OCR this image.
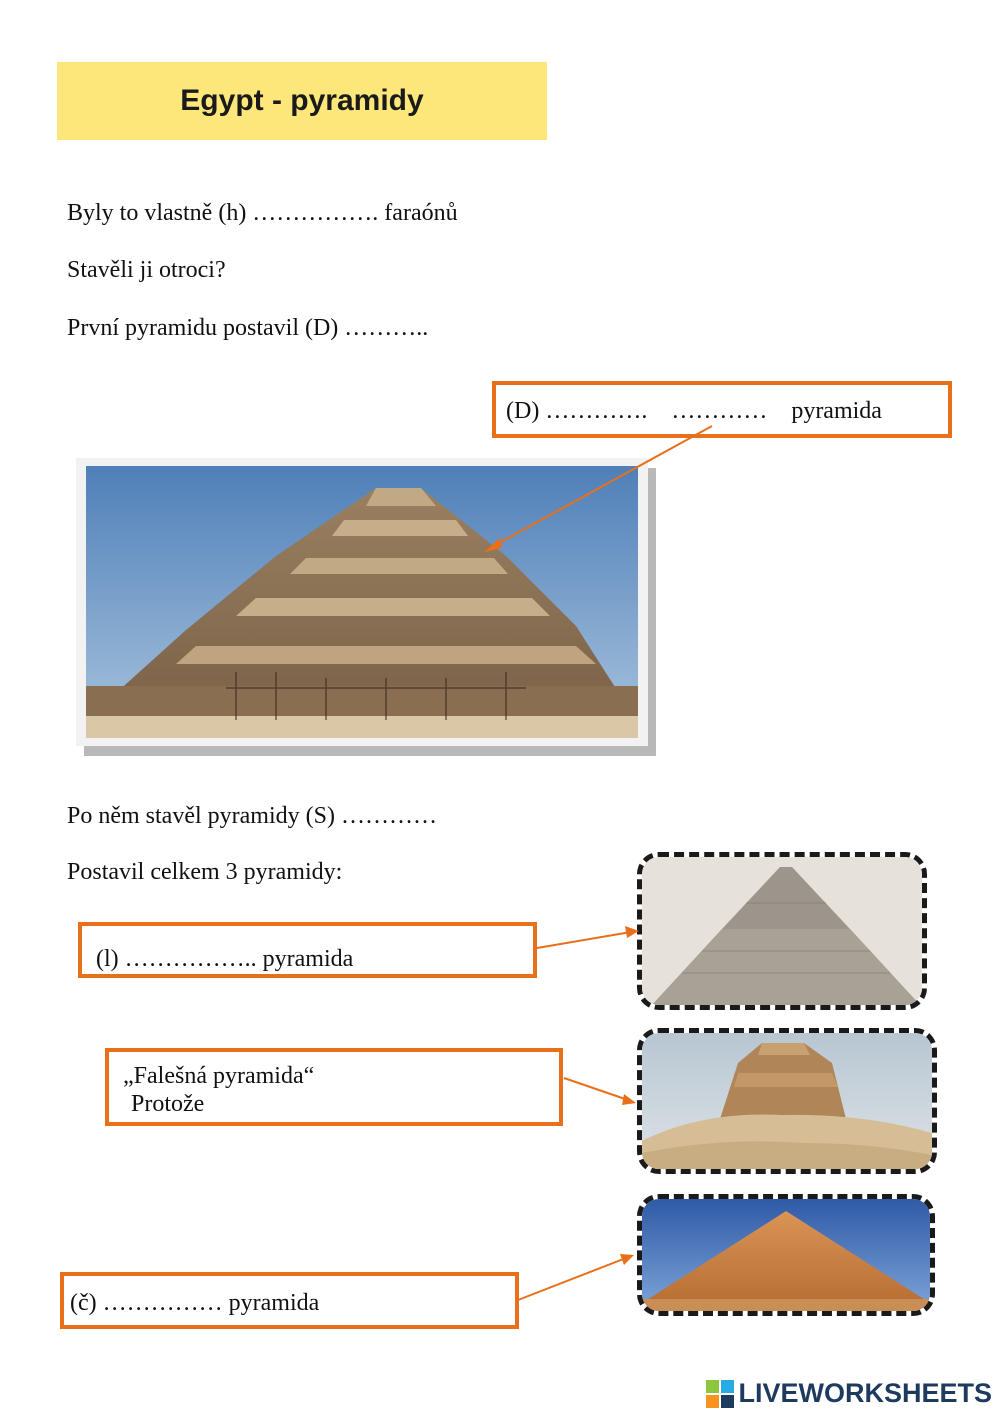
Egypt - pyramidy
Byly to vlastně (h) ……………. faraónů
Stavěli ji otroci?
První pyramidu postavil (D) ………..
(D) ………….    …………    pyramida
Po něm stavěl pyramidy (S) …………
Postavil celkem 3 pyramidy:
(l) …………….. pyramida
„Falešná pyramida“
Protože
(č) …………… pyramida
LIVEWORKSHEETS
